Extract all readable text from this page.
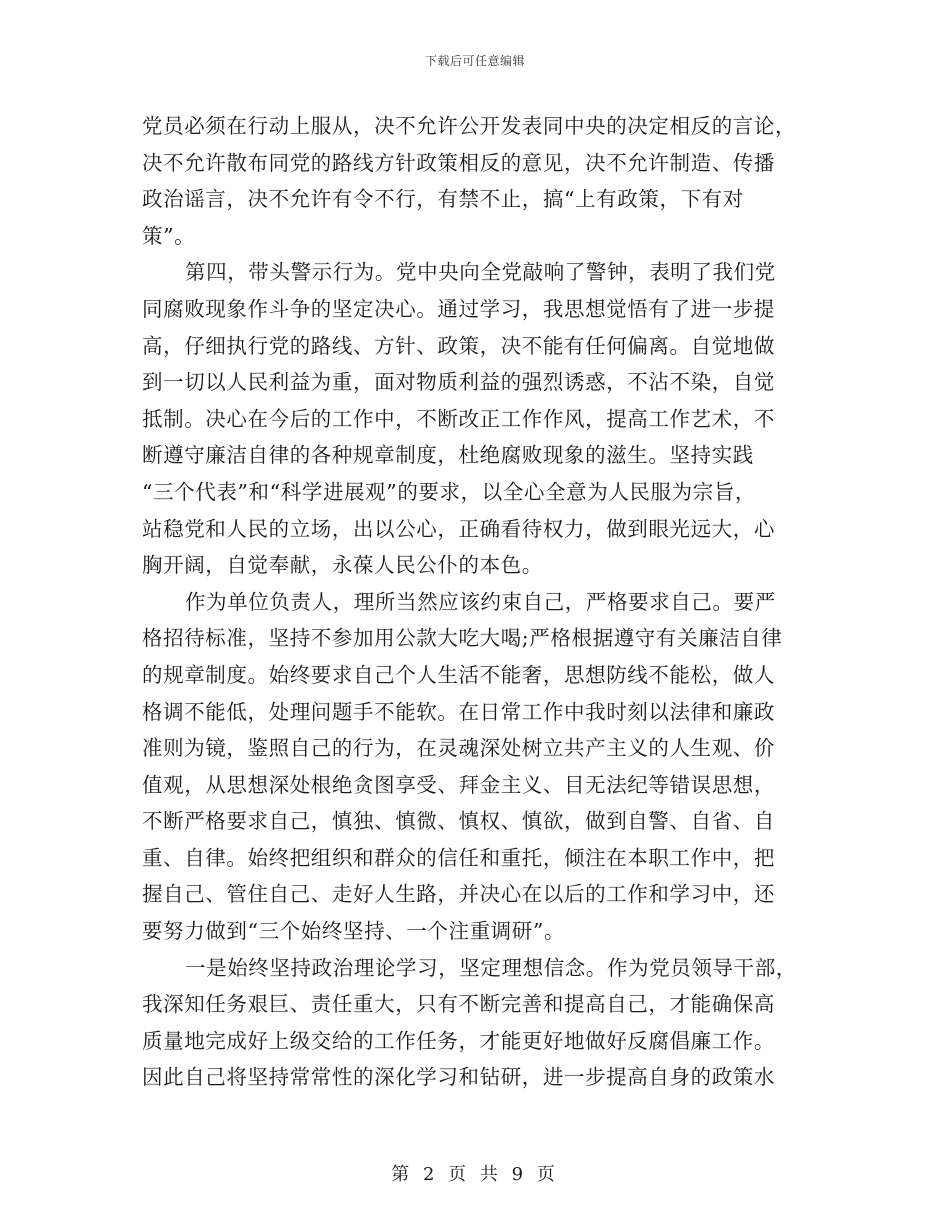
下载后可任意编辑
党员必须在行动上服从，决不允许公开发表同中央的决定相反的言论，
决不允许散布同党的路线方针政策相反的意见，决不允许制造、传播
政治谣言，决不允许有令不行，有禁不止，搞“上有政策，下有对
策”。
第四，带头警示行为。党中央向全党敲响了警钟，表明了我们党
同腐败现象作斗争的坚定决心。通过学习，我思想觉悟有了进一步提
高，仔细执行党的路线、方针、政策，决不能有任何偏离。自觉地做
到一切以人民利益为重，面对物质利益的强烈诱惑，不沾不染，自觉
抵制。决心在今后的工作中，不断改正工作作风，提高工作艺术，不
断遵守廉洁自律的各种规章制度，杜绝腐败现象的滋生。坚持实践
“三个代表”和“科学进展观”的要求，以全心全意为人民服为宗旨，
站稳党和人民的立场，出以公心，正确看待权力，做到眼光远大，心
胸开阔，自觉奉献，永葆人民公仆的本色。
作为单位负责人，理所当然应该约束自己，严格要求自己。要严
格招待标准，坚持不参加用公款大吃大喝;严格根据遵守有关廉洁自律
的规章制度。始终要求自己个人生活不能奢，思想防线不能松，做人
格调不能低，处理问题手不能软。在日常工作中我时刻以法律和廉政
准则为镜，鉴照自己的行为，在灵魂深处树立共产主义的人生观、价
值观，从思想深处根绝贪图享受、拜金主义、目无法纪等错误思想，
不断严格要求自己，慎独、慎微、慎权、慎欲，做到自警、自省、自
重、自律。始终把组织和群众的信任和重托，倾注在本职工作中，把
握自己、管住自己、走好人生路，并决心在以后的工作和学习中，还
要努力做到“三个始终坚持、一个注重调研”。
一是始终坚持政治理论学习，坚定理想信念。作为党员领导干部，
我深知任务艰巨、责任重大，只有不断完善和提高自己，才能确保高
质量地完成好上级交给的工作任务，才能更好地做好反腐倡廉工作。
因此自己将坚持常常性的深化学习和钻研，进一步提高自身的政策水
第 2 页 共 9 页
